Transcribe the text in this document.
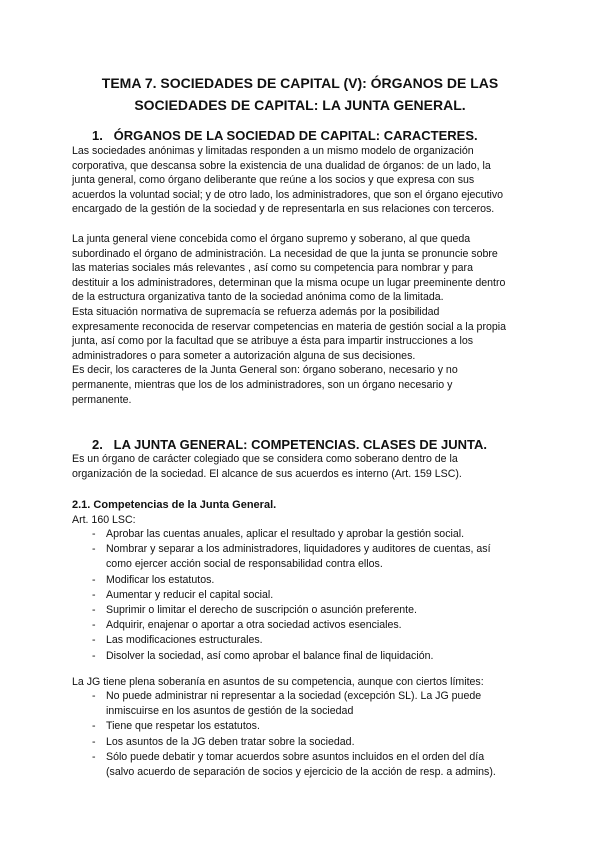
TEMA 7. SOCIEDADES DE CAPITAL (V): ÓRGANOS DE LAS
SOCIEDADES DE CAPITAL: LA JUNTA GENERAL.
1. ÓRGANOS DE LA SOCIEDAD DE CAPITAL: CARACTERES.
Las sociedades anónimas y limitadas responden a un mismo modelo de organización
corporativa, que descansa sobre la existencia de una dualidad de órganos: de un lado, la
junta general, como órgano deliberante que reúne a los socios y que expresa con sus
acuerdos la voluntad social; y de otro lado, los administradores, que son el órgano ejecutivo
encargado de la gestión de la sociedad y de representarla en sus relaciones con terceros.
La junta general viene concebida como el órgano supremo y soberano, al que queda
subordinado el órgano de administración. La necesidad de que la junta se pronuncie sobre
las materias sociales más relevantes , así como su competencia para nombrar y para
destituir a los administradores, determinan que la misma ocupe un lugar preeminente dentro
de la estructura organizativa tanto de la sociedad anónima como de la limitada.
Esta situación normativa de supremacía se refuerza además por la posibilidad
expresamente reconocida de reservar competencias en materia de gestión social a la propia
junta, así como por la facultad que se atribuye a ésta para impartir instrucciones a los
administradores o para someter a autorización alguna de sus decisiones.
Es decir, los caracteres de la Junta General son: órgano soberano, necesario y no
permanente, mientras que los de los administradores, son un órgano necesario y
permanente.
2. LA JUNTA GENERAL: COMPETENCIAS. CLASES DE JUNTA.
Es un órgano de carácter colegiado que se considera como soberano dentro de la
organización de la sociedad. El alcance de sus acuerdos es interno (Art. 159 LSC).
2.1. Competencias de la Junta General.
Art. 160 LSC:
- Aprobar las cuentas anuales, aplicar el resultado y aprobar la gestión social.
- Nombrar y separar a los administradores, liquidadores y auditores de cuentas, así
como ejercer acción social de responsabilidad contra ellos.
- Modificar los estatutos.
- Aumentar y reducir el capital social.
- Suprimir o limitar el derecho de suscripción o asunción preferente.
- Adquirir, enajenar o aportar a otra sociedad activos esenciales.
- Las modificaciones estructurales.
- Disolver la sociedad, así como aprobar el balance final de liquidación.
La JG tiene plena soberanía en asuntos de su competencia, aunque con ciertos límites:
- No puede administrar ni representar a la sociedad (excepción SL). La JG puede
inmiscuirse en los asuntos de gestión de la sociedad
- Tiene que respetar los estatutos.
- Los asuntos de la JG deben tratar sobre la sociedad.
- Sólo puede debatir y tomar acuerdos sobre asuntos incluidos en el orden del día
(salvo acuerdo de separación de socios y ejercicio de la acción de resp. a admins).
